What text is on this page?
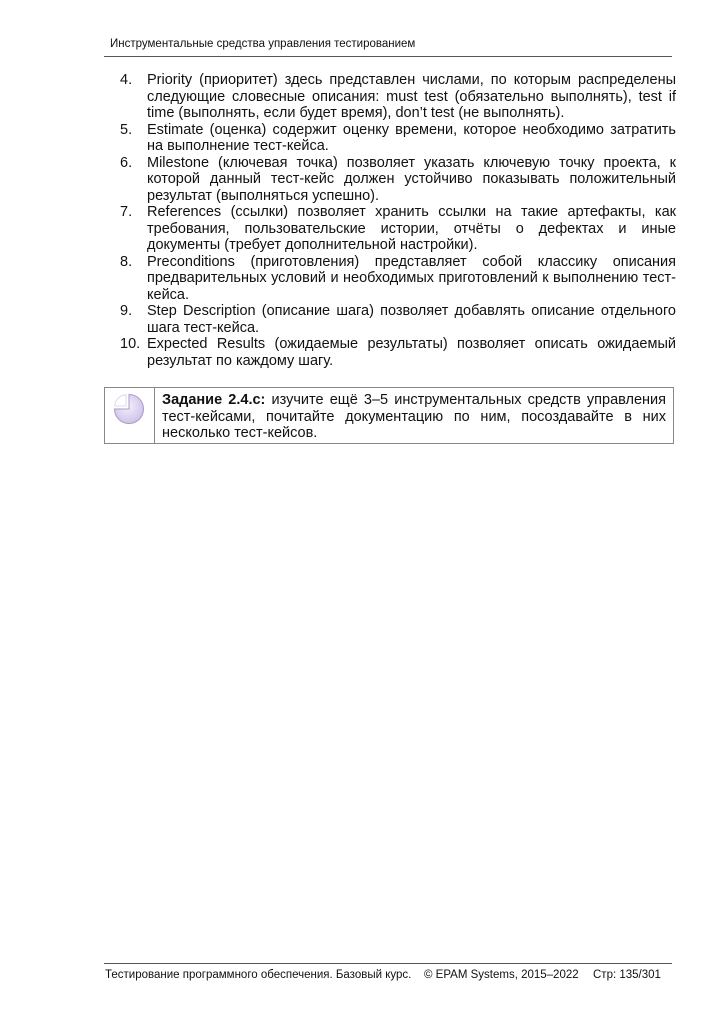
Инструментальные средства управления тестированием
4.	Priority (приоритет) здесь представлен числами, по которым распределены следующие словесные описания: must test (обязательно выполнять), test if time (выполнять, если будет время), don’t test (не выполнять).
5.	Estimate (оценка) содержит оценку времени, которое необходимо затратить на выполнение тест-кейса.
6.	Milestone (ключевая точка) позволяет указать ключевую точку проекта, к которой данный тест-кейс должен устойчиво показывать положительный результат (выполняться успешно).
7.	References (ссылки) позволяет хранить ссылки на такие артефакты, как требования, пользовательские истории, отчёты о дефектах и иные документы (требует дополнительной настройки).
8.	Preconditions (приготовления) представляет собой классику описания предварительных условий и необходимых приготовлений к выполнению тест-кейса.
9.	Step Description (описание шага) позволяет добавлять описание отдельного шага тест-кейса.
10. Expected Results (ожидаемые результаты) позволяет описать ожидаемый результат по каждому шагу.
Задание 2.4.c: изучите ещё 3–5 инструментальных средств управления тест-кейсами, почитайте документацию по ним, посоздавайте в них несколько тест-кейсов.
Тестирование программного обеспечения. Базовый курс. © EPAM Systems, 2015–2022 Стр: 135/301
